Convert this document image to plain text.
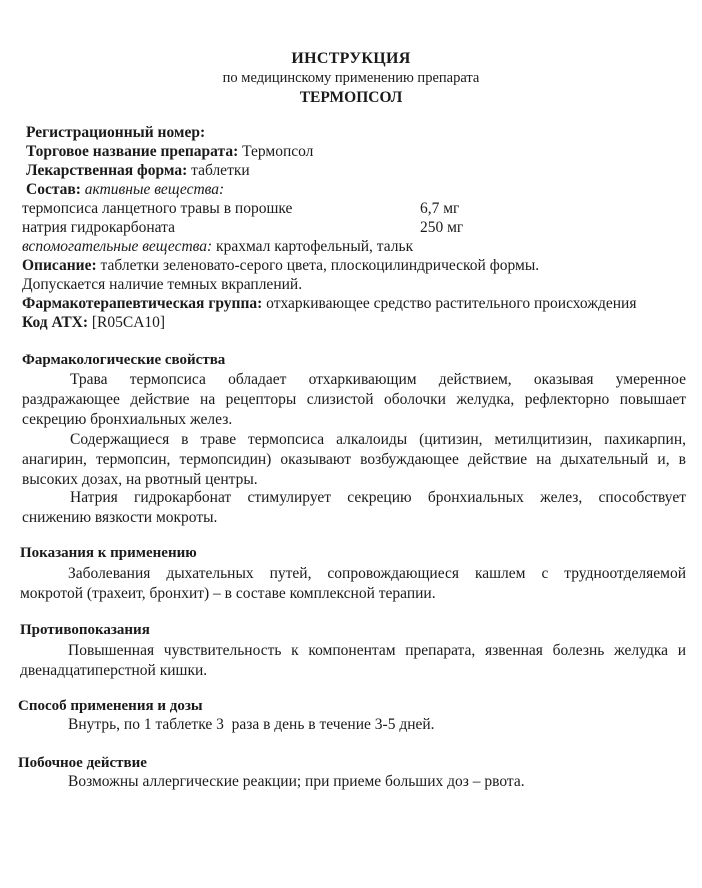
ИНСТРУКЦИЯ
по медицинскому применению препарата
ТЕРМОПСОЛ
Регистрационный номер:
Торговое название препарата: Термопсол
Лекарственная форма: таблетки
Состав: активные вещества:
термопсиса ланцетного травы в порошке	6,7 мг
натрия гидрокарбоната	250 мг
вспомогательные вещества: крахмал картофельный, тальк
Описание: таблетки зеленовато-серого цвета, плоскоцилиндрической формы.
Допускается наличие темных вкраплений.
Фармакотерапевтическая группа: отхаркивающее средство растительного происхождения
Код АТХ: [R05CA10]
Фармакологические свойства
Трава термопсиса обладает отхаркивающим действием, оказывая умеренное
раздражающее действие на рецепторы слизистой оболочки желудка, рефлекторно повышает
секрецию бронхиальных желез.
Содержащиеся в траве термопсиса алкалоиды (цитизин, метилцитизин, пахикарпин,
анагирин, термопсин, термопсидин) оказывают возбуждающее действие на дыхательный и, в
высоких дозах, на рвотный центры.
Натрия гидрокарбонат стимулирует секрецию бронхиальных желез, способствует
снижению вязкости мокроты.
Показания к применению
Заболевания дыхательных путей, сопровождающиеся кашлем с трудноотделяемой
мокротой (трахеит, бронхит) – в составе комплексной терапии.
Противопоказания
Повышенная чувствительность к компонентам препарата, язвенная болезнь желудка и
двенадцатиперстной кишки.
Способ применения и дозы
Внутрь, по 1 таблетке 3  раза в день в течение 3-5 дней.
Побочное действие
Возможны аллергические реакции; при приеме больших доз – рвота.
